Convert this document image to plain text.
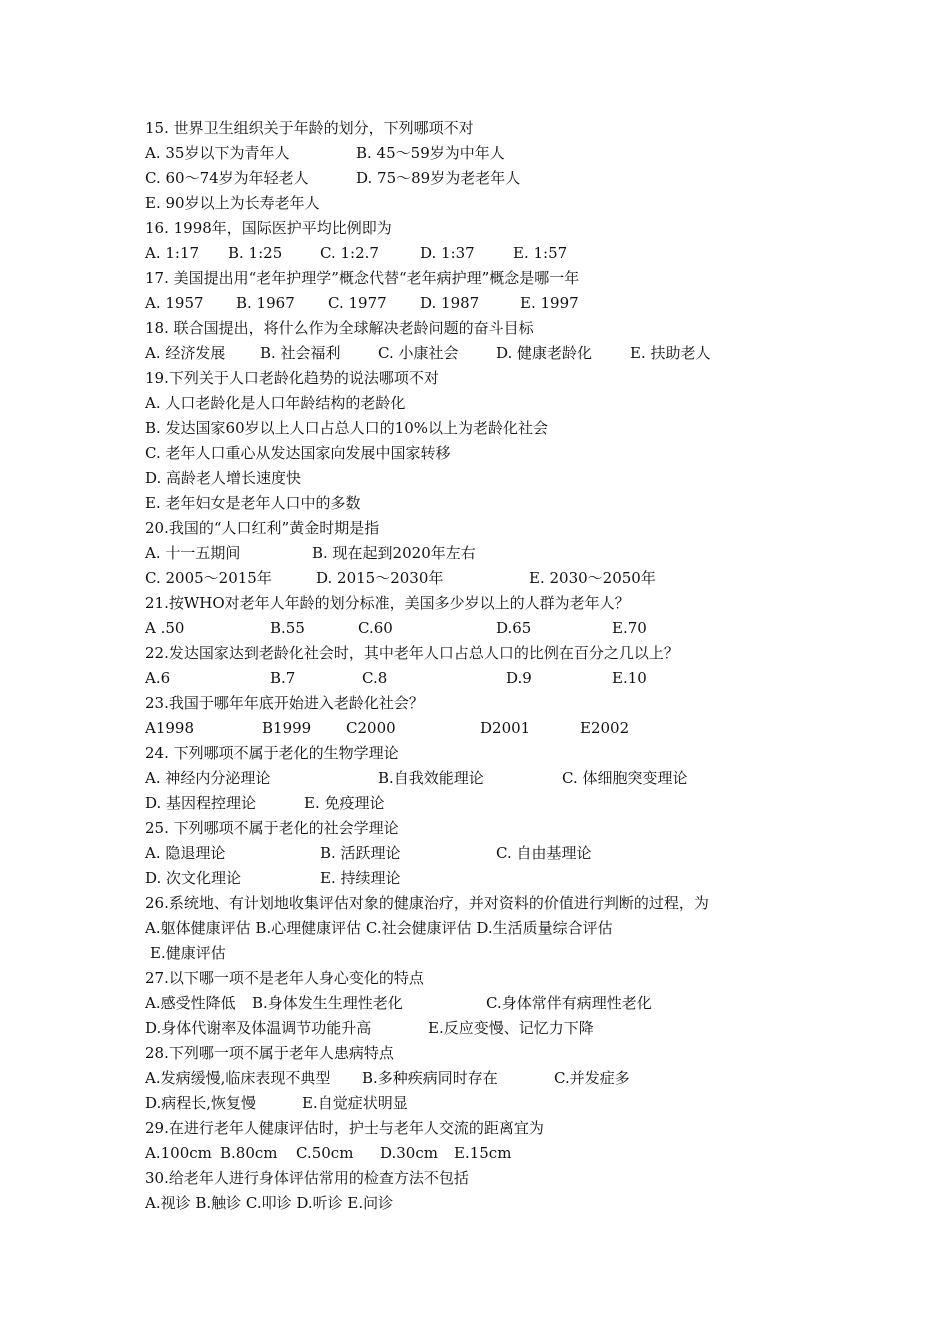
15. 世界卫生组织关于年龄的划分，下列哪项不对
A. 35岁以下为青年人	B. 45～59岁为中年人
C. 60～74岁为年轻老人	D. 75～89岁为老老年人
E. 90岁以上为长寿老年人
16. 1998年，国际医护平均比例即为
A. 1:17 B. 1:25	C. 1:2.7	D. 1:37	E. 1:57
17. 美国提出用“老年护理学”概念代替“老年病护理”概念是哪一年
A. 1957 B. 1967 C. 1977 D. 1987	E. 1997
18. 联合国提出，将什么作为全球解决老龄问题的奋斗目标
A. 经济发展 B. 社会福利 C. 小康社会	D. 健康老龄化	E. 扶助老人
19.下列关于人口老龄化趋势的说法哪项不对
A. 人口老龄化是人口年龄结构的老龄化
B. 发达国家60岁以上人口占总人口的10%以上为老龄化社会
C. 老年人口重心从发达国家向发展中国家转移
D. 高龄老人增长速度快
E. 老年妇女是老年人口中的多数
20.我国的“人口红利”黄金时期是指
A. 十一五期间	B. 现在起到2020年左右
C. 2005～2015年	D. 2015～2030年	E. 2030～2050年
21.按WHO对老年人年龄的划分标准，美国多少岁以上的人群为老年人？
A .50	B.55	C.60	D.65	E.70
22.发达国家达到老龄化社会时，其中老年人口占总人口的比例在百分之几以上？
A.6	B.7	C.8	D.9	E.10
23.我国于哪年年底开始进入老龄化社会？
A1998	B1999 C2000	D2001	E2002
24. 下列哪项不属于老化的生物学理论
A. 神经内分泌理论	B.自我效能理论	C. 体细胞突变理论
D. 基因程控理论	E. 免疫理论
25. 下列哪项不属于老化的社会学理论
A. 隐退理论	B. 活跃理论	C. 自由基理论
D. 次文化理论	E. 持续理论
26.系统地、有计划地收集评估对象的健康治疗，并对资料的价值进行判断的过程，为
A.躯体健康评估 B.心理健康评估 C.社会健康评估 D.生活质量综合评估
E.健康评估
27.以下哪一项不是老年人身心变化的特点
A.感受性降低 B.身体发生生理性老化	C.身体常伴有病理性老化
D.身体代谢率及体温调节功能升高	E.反应变慢、记忆力下降
28.下列哪一项不属于老年人患病特点
A.发病缓慢,临床表现不典型 B.多种疾病同时存在	C.并发症多
D.病程长,恢复慢	E.自觉症状明显
29.在进行老年人健康评估时，护士与老年人交流的距离宜为
A.100cm B.80cm C.50cm D.30cm E.15cm
30.给老年人进行身体评估常用的检查方法不包括
A.视诊 B.触诊 C.叩诊 D.听诊 E.问诊
